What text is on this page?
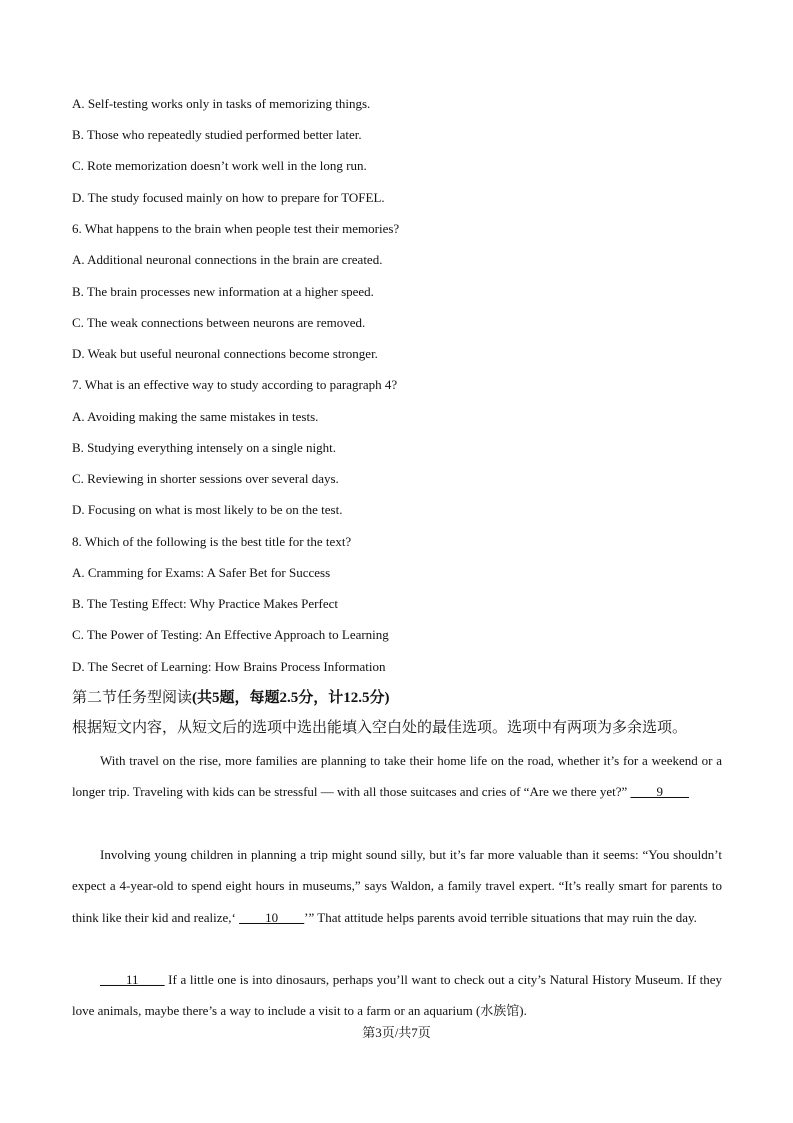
A. Self-testing works only in tasks of memorizing things.
B. Those who repeatedly studied performed better later.
C. Rote memorization doesn’t work well in the long run.
D. The study focused mainly on how to prepare for TOFEL.
6. What happens to the brain when people test their memories?
A. Additional neuronal connections in the brain are created.
B. The brain processes new information at a higher speed.
C. The weak connections between neurons are removed.
D. Weak but useful neuronal connections become stronger.
7. What is an effective way to study according to paragraph 4?
A. Avoiding making the same mistakes in tests.
B. Studying everything intensely on a single night.
C. Reviewing in shorter sessions over several days.
D. Focusing on what is most likely to be on the test.
8. Which of the following is the best title for the text?
A. Cramming for Exams: A Safer Bet for Success
B. The Testing Effect: Why Practice Makes Perfect
C. The Power of Testing: An Effective Approach to Learning
D. The Secret of Learning: How Brains Process Information
第二节任务型阅读(共5题，每题2.5分，计12.5分)
根据短文内容，从短文后的选项中选出能填入空白处的最佳选项。选项中有两项为多余选项。
With travel on the rise, more families are planning to take their home life on the road, whether it’s for a weekend or a longer trip. Traveling with kids can be stressful — with all those suitcases and cries of “Are we there yet?” ____9____
Involving young children in planning a trip might sound silly, but it’s far more valuable than it seems: “You shouldn’t expect a 4-year-old to spend eight hours in museums,” says Waldon, a family travel expert. “It’s really smart for parents to think like their kid and realize,‘ ____10____’” That attitude helps parents avoid terrible situations that may ruin the day.
____11____ If a little one is into dinosaurs, perhaps you’ll want to check out a city’s Natural History Museum. If they love animals, maybe there’s a way to include a visit to a farm or an aquarium (水族馆).
第3页/共7页
